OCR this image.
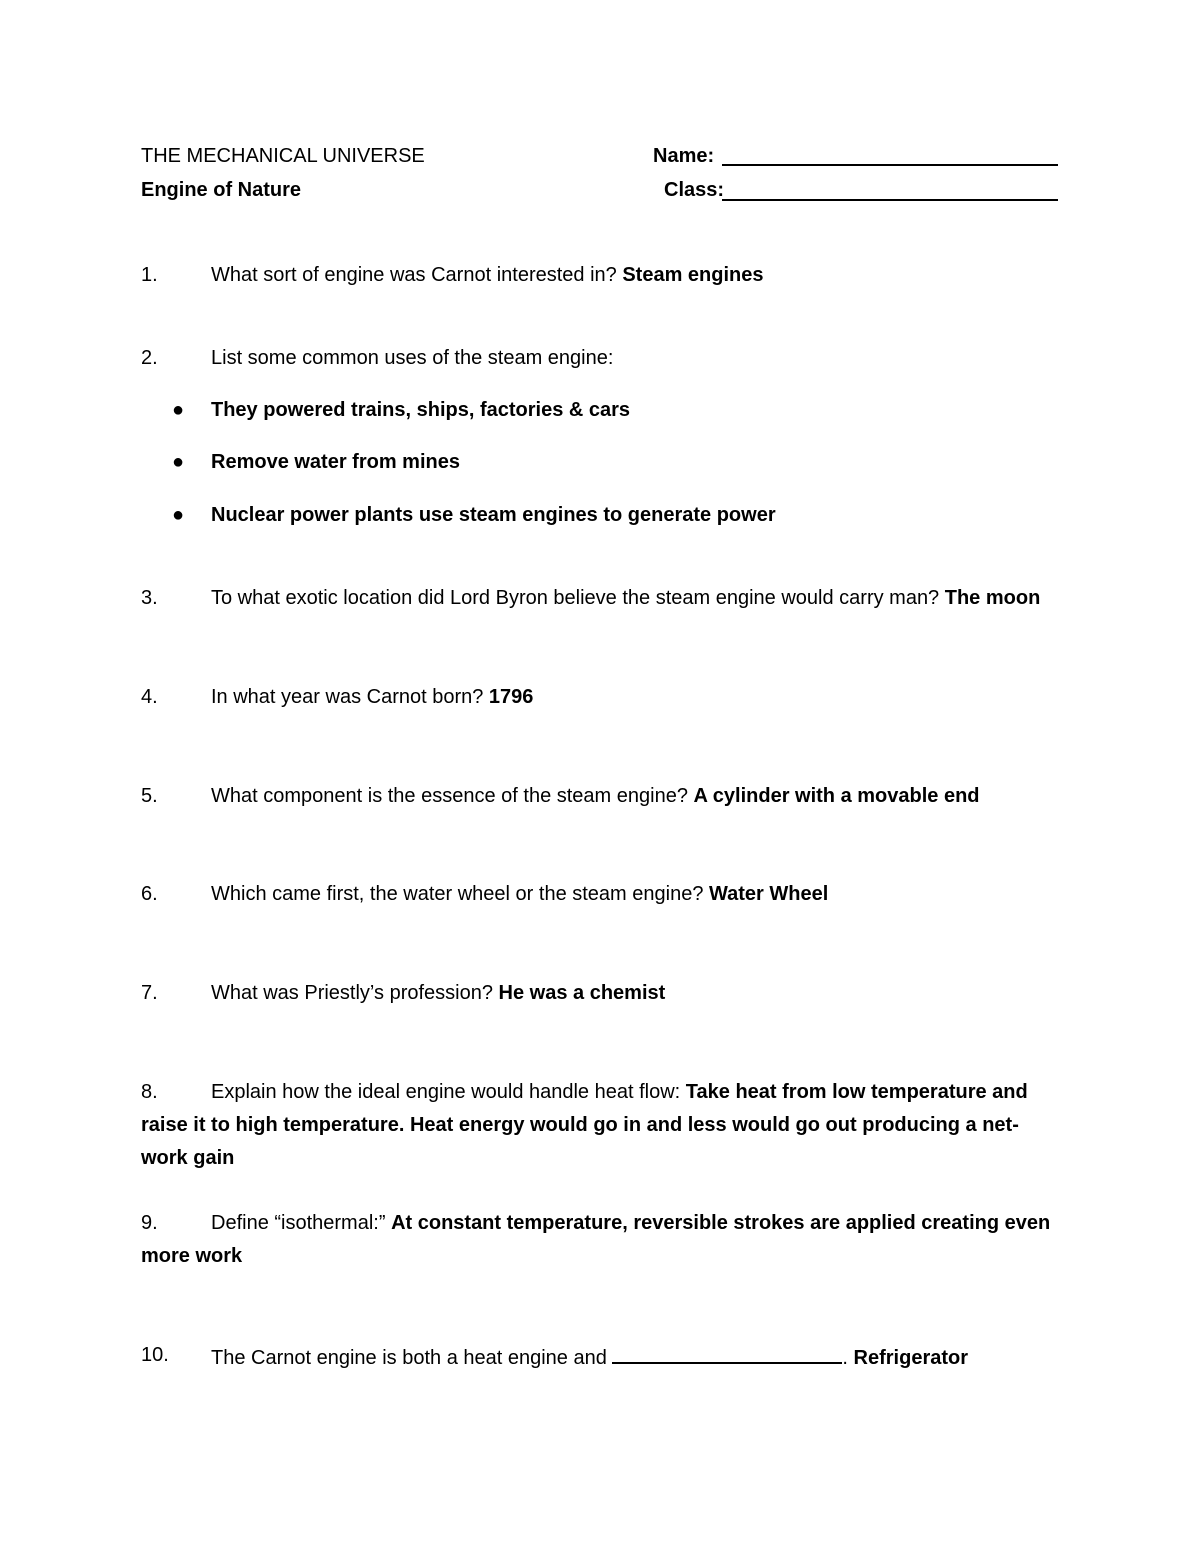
THE MECHANICAL UNIVERSE
Engine of Nature
Name:
Class:
1.	What sort of engine was Carnot interested in? Steam engines
2.	List some common uses of the steam engine:
● They powered trains, ships, factories & cars
● Remove water from mines
● Nuclear power plants use steam engines to generate power
3.	To what exotic location did Lord Byron believe the steam engine would carry man? The moon
4.	In what year was Carnot born? 1796
5.	What component is the essence of the steam engine? A cylinder with a movable end
6.	Which came first, the water wheel or the steam engine? Water Wheel
7.	What was Priestly’s profession? He was a chemist
8.	Explain how the ideal engine would handle heat flow: Take heat from low temperature and raise it to high temperature. Heat energy would go in and less would go out producing a net-work gain
9.	Define “isothermal:” At constant temperature, reversible strokes are applied creating even more work
10. The Carnot engine is both a heat engine and	. Refrigerator
